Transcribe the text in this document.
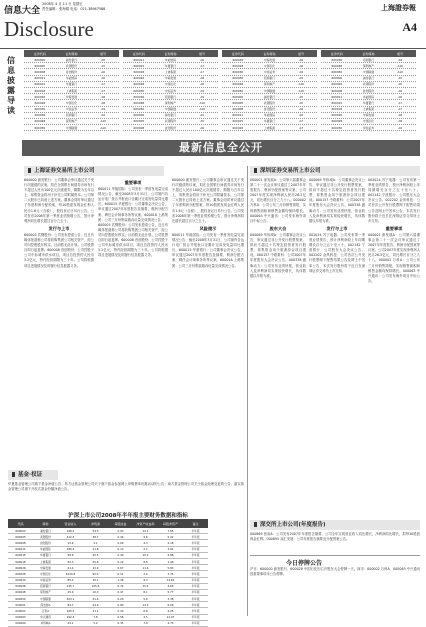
信息大全
2008年 4 月 11 日 星期五
责任编辑：张海娟 电话：021-38967588
Disclosure
上海證券報
A4
信息披露导读
证券代码	证券简称	版号
600000	浦发银行	A5
600005	武钢股份	A5
600008	首创股份	A6
600011	华能国际	A6
600015	华夏银行	A7
600018	上港集团	A7
600026	中海发展	A8
600028	中国石化	A8
600030	中信证券	A9
600036	招商银行	A9
600048	保利地产	A10
600050	中国联通	A10
证券代码	证券简称	版号
600011	华能国际	A6
600015	华夏银行	A7
600018	上港集团	A7
600026	中海发展	A8
600028	中国石化	A8
600030	中信证券	A9
600036	招商银行	A9
600048	保利地产	A10
600050	中国联通	A10
600000	浦发银行	A5
600005	武钢股份	A5
600008	首创股份	A6
证券代码	证券简称	版号
600026	中海发展	A8
600028	中国石化	A8
600030	中信证券	A9
600036	招商银行	A9
600048	保利地产	A10
600050	中国联通	A10
600000	浦发银行	A5
600005	武钢股份	A5
600008	首创股份	A6
600011	华能国际	A6
600015	华夏银行	A7
600018	上港集团	A7
证券代码	证券简称	版号
600036	招商银行	A9
600048	保利地产	A10
600050	中国联通	A10
600000	浦发银行	A5
600005	武钢股份	A5
600008	首创股份	A6
600011	华能国际	A6
600015	华夏银行	A7
600018	上港集团	A7
600026	中海发展	A8
600028	中国石化	A8
600030	中信证券	A9
最新信息全公开
上海证券交易所上市公司	深圳证券交易所上市公司
600000 浦发银行：公司董事会审议通过关于发行次级债的议案，拟在全国银行间债券市场发行不超过人民币100亿元次级债券，期限为五年以上，募集资金将用于补充公司附属资本。公司第二大股东已同意上述方案。董事会同时审议通过了年度利润分配预案，每10股派发现金红利人民币1.6元（含税），股权登记日另行公告。公司发布2008年第一季度业绩预增公告，预计净利润同比增长超过百分之五十。
发行与上市
600005 武钢股份：公司发布澄清公告，近日有媒体报道称公司将收购集团公司相关资产，经公司向控股股东核实，目前暂无此计划。公司股票自即日起复牌。600008 首创股份：公司控股子公司中标城市供水项目，项目总投资约人民币3.2亿元，特许经营期限为三十年。公司将根据项目进展情况及时履行信息披露义务。
重要事项
600011 华能国际：公司发布一季度发电量完成情况公告，截至2008年3月31日，公司境内各运行电厂按合并报表口径累计完成发电量同比增长。600015 华夏银行：公司董事会决议公告，审议通过2007年年度报告及摘要、利润分配方案、聘任会计师事务所等议案。600018 上港集团：公司三月份集装箱吞吐量完成情况公告。
600005 武钢股份：公司发布澄清公告，近日有媒体报道称公司将收购集团公司相关资产，经公司向控股股东核实，目前暂无此计划。公司股票自即日起复牌。600008 首创股份：公司控股子公司中标城市供水项目，项目总投资约人民币3.2亿元，特许经营期限为三十年。公司将根据项目进展情况及时履行信息披露义务。
600000 浦发银行：公司董事会审议通过关于发行次级债的议案，拟在全国银行间债券市场发行不超过人民币100亿元次级债券，期限为五年以上，募集资金将用于补充公司附属资本。公司第二大股东已同意上述方案。董事会同时审议通过了年度利润分配预案，每10股派发现金红利人民币1.6元（含税），股权登记日另行公告。公司发布2008年第一季度业绩预增公告，预计净利润同比增长超过百分之五十。
风险提示
600011 华能国际：公司发布一季度发电量完成情况公告，截至2008年3月31日，公司境内各运行电厂按合并报表口径累计完成发电量同比增长。600015 华夏银行：公司董事会决议公告，审议通过2007年年度报告及摘要、利润分配方案、聘任会计师事务所等议案。600018 上港集团：公司三月份集装箱吞吐量完成情况公告。
000001 深发展A：公司第六届董事会第二十一次会议审议通过了2007年年度报告、利润分配预案等议案，公司2007年度实现净利润人民币26.5亿元，同比增长百分之九十八。000002 万科A：公司公布三月份销售简报，实现销售面积和销售金额均保持增长。000063 中兴通讯：公司发布海外项目中标公告。
股东大会
000069 华侨城A：公司董事会决议公告，审议通过非公开发行股票预案，拟向不超过十名特定投资者发行股票，募集资金用于旅游综合项目建设。000157 中联重科：公司2007年年度股东大会决议公告。000338 潍柴动力：公司发布业绩快报，营业收入及净利润均实现较快增长，具体数据以年报为准。
000069 华侨城A：公司董事会决议公告，审议通过非公开发行股票预案，拟向不超过十名特定投资者发行股票，募集资金用于旅游综合项目建设。000157 中联重科：公司2007年年度股东大会决议公告。000338 潍柴动力：公司发布业绩快报，营业收入及净利润均实现较快增长，具体数据以年报为准。
发行与上市
002024 苏宁电器：公司发布第一季度业绩预告，预计净利润较上年同期增长百分之五十至八十。002142 宁波银行：公司股东大会决议公告。002202 金风科技：公司首次公开发行股票网下配售结果公告及网上中签率公告，本次发行股份将于近日在深圳证券交易所上市交易。
002024 苏宁电器：公司发布第一季度业绩预告，预计净利润较上年同期增长百分之五十至八十。002142 宁波银行：公司股东大会决议公告。002202 金风科技：公司首次公开发行股票网下配售结果公告及网上中签率公告，本次发行股份将于近日在深圳证券交易所上市交易。
重要事项
000001 深发展A：公司第六届董事会第二十一次会议审议通过了2007年年度报告、利润分配预案等议案，公司2007年度实现净利润人民币26.5亿元，同比增长百分之九十八。000002 万科A：公司公布三月份销售简报，实现销售面积和销售金额均保持增长。000063 中兴通讯：公司发布海外项目中标公告。
基金·权证
华夏基金管理公司旗下基金净值公告；易方达基金管理公司关于旗下基金参加网上申购费率优惠活动的公告；南方基金管理公司关于基金经理变更的公告；嘉实基金管理公司旗下开放式基金份额净值公告。
沪深上市公司2008年半年报主要财务数据和指标
代码	简称	营业收入	净利润	每股收益	净资产收益率	每股净资产	备注
600000	浦发银行	168.2	54.3	0.93	12.1	7.65	半年报
600005	武钢股份	312.5	38.7	0.49	9.8	5.02	半年报
600008	首创股份	12.6	2.1	0.09	4.3	2.18	半年报
600011	华能国际	285.4	11.8	0.10	2.7	3.91	半年报
600015	华夏银行	98.6	20.5	0.49	10.2	4.88	半年报
600018	上港集团	92.3	25.6	0.12	8.5	1.46	半年报
600026	中海发展	61.4	22.9	0.67	11.6	5.83	半年报
600028	中国石化	6120.8	92.4	0.11	2.9	3.75	半年报
600030	中信证券	85.2	45.1	1.36	9.3	14.62	半年报
600036	招商银行	245.7	105.8	0.72	15.4	4.69	半年报
600048	保利地产	45.9	10.3	0.47	8.1	5.77	半年报
600050	中国联通	503.1	41.6	0.20	5.9	3.38	半年报
000001	深发展A	84.7	24.9	0.80	13.2	6.06	半年报
000002	万科A	165.3	31.2	0.29	6.8	4.25	半年报
000063	中兴通讯	192.4	7.8	0.58	4.5	12.97	半年报
000069	华侨城A	24.1	5.2	0.35	7.4	4.73	半年报
深交所上市公司(年度报告)
000869 张裕A：公司发布2007年年度报告摘要，公司全年实现营业收入同比增长，净利润同比增长，拟每10股派现金红利。000895 双汇发展：公司年度报告摘要及分配预案公告。
今日停牌公告
沪市：600000 浦发银行、600028 中国石化因召开股东大会停牌一天。深市：000002 万科A、000063 中兴通讯因重要事项未公告停牌。
